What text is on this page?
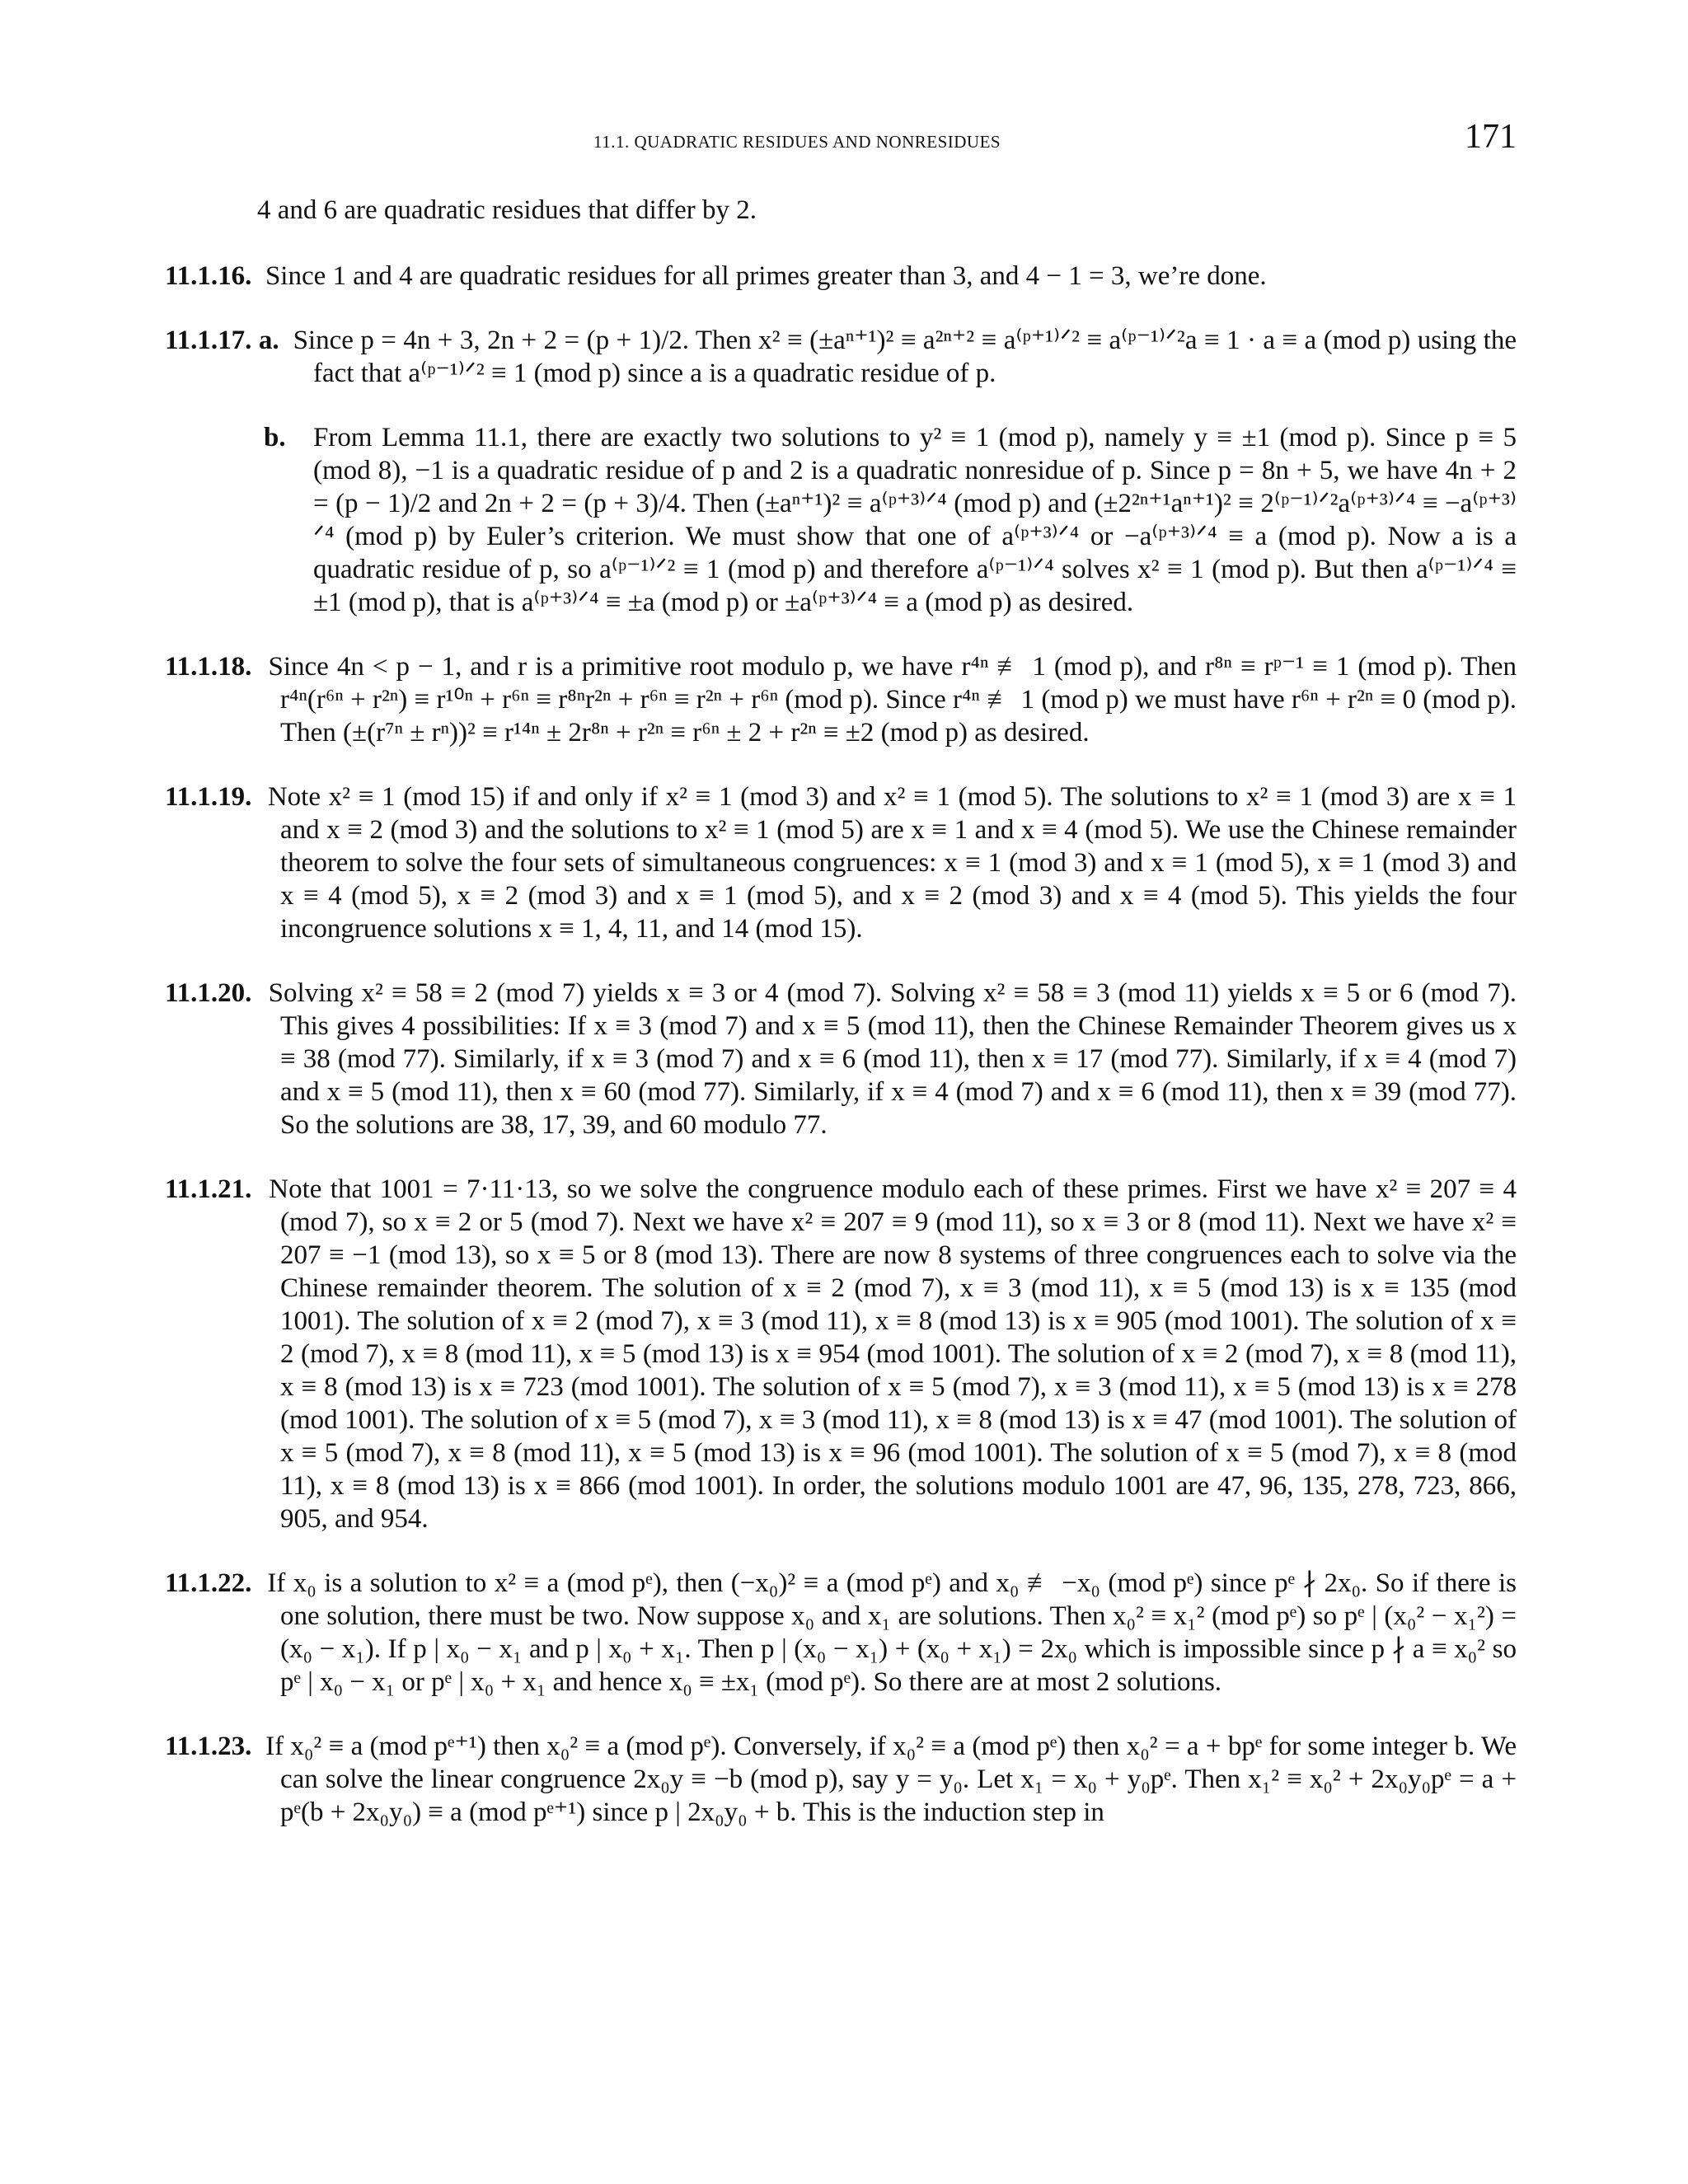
11.1. QUADRATIC RESIDUES AND NONRESIDUES	171
4 and 6 are quadratic residues that differ by 2.

11.1.16. Since 1 and 4 are quadratic residues for all primes greater than 3, and 4 − 1 = 3, we’re done.

11.1.17. a. Since p = 4n + 3, 2n + 2 = (p + 1)/2. Then x² ≡ (±aⁿ⁺¹)² ≡ a²ⁿ⁺² ≡ a⁽ᵖ⁺¹⁾ᐟ² ≡ a⁽ᵖ⁻¹⁾ᐟ²a ≡ 1 · a ≡ a (mod p) using the fact that a⁽ᵖ⁻¹⁾ᐟ² ≡ 1 (mod p) since a is a quadratic residue of p.

b. From Lemma 11.1, there are exactly two solutions to y² ≡ 1 (mod p), namely y ≡ ±1 (mod p). Since p ≡ 5 (mod 8), −1 is a quadratic residue of p and 2 is a quadratic nonresidue of p. Since p = 8n + 5, we have 4n + 2 = (p − 1)/2 and 2n + 2 = (p + 3)/4. Then (±aⁿ⁺¹)² ≡ a⁽ᵖ⁺³⁾ᐟ⁴ (mod p) and (±2²ⁿ⁺¹aⁿ⁺¹)² ≡ 2⁽ᵖ⁻¹⁾ᐟ²a⁽ᵖ⁺³⁾ᐟ⁴ ≡ −a⁽ᵖ⁺³⁾ᐟ⁴ (mod p) by Euler’s criterion. We must show that one of a⁽ᵖ⁺³⁾ᐟ⁴ or −a⁽ᵖ⁺³⁾ᐟ⁴ ≡ a (mod p). Now a is a quadratic residue of p, so a⁽ᵖ⁻¹⁾ᐟ² ≡ 1 (mod p) and therefore a⁽ᵖ⁻¹⁾ᐟ⁴ solves x² ≡ 1 (mod p). But then a⁽ᵖ⁻¹⁾ᐟ⁴ ≡ ±1 (mod p), that is a⁽ᵖ⁺³⁾ᐟ⁴ ≡ ±a (mod p) or ±a⁽ᵖ⁺³⁾ᐟ⁴ ≡ a (mod p) as desired.

11.1.18. Since 4n < p − 1, and r is a primitive root modulo p, we have r⁴ⁿ ≢ 1 (mod p), and r⁸ⁿ ≡ rᵖ⁻¹ ≡ 1 (mod p). Then r⁴ⁿ(r⁶ⁿ + r²ⁿ) ≡ r¹⁰ⁿ + r⁶ⁿ ≡ r⁸ⁿr²ⁿ + r⁶ⁿ ≡ r²ⁿ + r⁶ⁿ (mod p). Since r⁴ⁿ ≢ 1 (mod p) we must have r⁶ⁿ + r²ⁿ ≡ 0 (mod p). Then (±(r⁷ⁿ ± rⁿ))² ≡ r¹⁴ⁿ ± 2r⁸ⁿ + r²ⁿ ≡ r⁶ⁿ ± 2 + r²ⁿ ≡ ±2 (mod p) as desired.

11.1.19. Note x² ≡ 1 (mod 15) if and only if x² ≡ 1 (mod 3) and x² ≡ 1 (mod 5). The solutions to x² ≡ 1 (mod 3) are x ≡ 1 and x ≡ 2 (mod 3) and the solutions to x² ≡ 1 (mod 5) are x ≡ 1 and x ≡ 4 (mod 5). We use the Chinese remainder theorem to solve the four sets of simultaneous congruences: x ≡ 1 (mod 3) and x ≡ 1 (mod 5), x ≡ 1 (mod 3) and x ≡ 4 (mod 5), x ≡ 2 (mod 3) and x ≡ 1 (mod 5), and x ≡ 2 (mod 3) and x ≡ 4 (mod 5). This yields the four incongruence solutions x ≡ 1, 4, 11, and 14 (mod 15).

11.1.20. Solving x² ≡ 58 ≡ 2 (mod 7) yields x ≡ 3 or 4 (mod 7). Solving x² ≡ 58 ≡ 3 (mod 11) yields x ≡ 5 or 6 (mod 7). This gives 4 possibilities: If x ≡ 3 (mod 7) and x ≡ 5 (mod 11), then the Chinese Remainder Theorem gives us x ≡ 38 (mod 77). Similarly, if x ≡ 3 (mod 7) and x ≡ 6 (mod 11), then x ≡ 17 (mod 77). Similarly, if x ≡ 4 (mod 7) and x ≡ 5 (mod 11), then x ≡ 60 (mod 77). Similarly, if x ≡ 4 (mod 7) and x ≡ 6 (mod 11), then x ≡ 39 (mod 77). So the solutions are 38, 17, 39, and 60 modulo 77.

11.1.21. Note that 1001 = 7·11·13, so we solve the congruence modulo each of these primes. First we have x² ≡ 207 ≡ 4 (mod 7), so x ≡ 2 or 5 (mod 7). Next we have x² ≡ 207 ≡ 9 (mod 11), so x ≡ 3 or 8 (mod 11). Next we have x² ≡ 207 ≡ −1 (mod 13), so x ≡ 5 or 8 (mod 13). There are now 8 systems of three congruences each to solve via the Chinese remainder theorem. The solution of x ≡ 2 (mod 7), x ≡ 3 (mod 11), x ≡ 5 (mod 13) is x ≡ 135 (mod 1001). The solution of x ≡ 2 (mod 7), x ≡ 3 (mod 11), x ≡ 8 (mod 13) is x ≡ 905 (mod 1001). The solution of x ≡ 2 (mod 7), x ≡ 8 (mod 11), x ≡ 5 (mod 13) is x ≡ 954 (mod 1001). The solution of x ≡ 2 (mod 7), x ≡ 8 (mod 11), x ≡ 8 (mod 13) is x ≡ 723 (mod 1001). The solution of x ≡ 5 (mod 7), x ≡ 3 (mod 11), x ≡ 5 (mod 13) is x ≡ 278 (mod 1001). The solution of x ≡ 5 (mod 7), x ≡ 3 (mod 11), x ≡ 8 (mod 13) is x ≡ 47 (mod 1001). The solution of x ≡ 5 (mod 7), x ≡ 8 (mod 11), x ≡ 5 (mod 13) is x ≡ 96 (mod 1001). The solution of x ≡ 5 (mod 7), x ≡ 8 (mod 11), x ≡ 8 (mod 13) is x ≡ 866 (mod 1001). In order, the solutions modulo 1001 are 47, 96, 135, 278, 723, 866, 905, and 954.

11.1.22. If x₀ is a solution to x² ≡ a (mod pᵉ), then (−x₀)² ≡ a (mod pᵉ) and x₀ ≢ −x₀ (mod pᵉ) since pᵉ ∤ 2x₀. So if there is one solution, there must be two. Now suppose x₀ and x₁ are solutions. Then x₀² ≡ x₁² (mod pᵉ) so pᵉ | (x₀² − x₁²) = (x₀ − x₁). If p | x₀ − x₁ and p | x₀ + x₁. Then p | (x₀ − x₁) + (x₀ + x₁) = 2x₀ which is impossible since p ∤ a ≡ x₀² so pᵉ | x₀ − x₁ or pᵉ | x₀ + x₁ and hence x₀ ≡ ±x₁ (mod pᵉ). So there are at most 2 solutions.

11.1.23. If x₀² ≡ a (mod pᵉ⁺¹) then x₀² ≡ a (mod pᵉ). Conversely, if x₀² ≡ a (mod pᵉ) then x₀² = a + bpᵉ for some integer b. We can solve the linear congruence 2x₀y ≡ −b (mod p), say y = y₀. Let x₁ = x₀ + y₀pᵉ. Then x₁² ≡ x₀² + 2x₀y₀pᵉ = a + pᵉ(b + 2x₀y₀) ≡ a (mod pᵉ⁺¹) since p | 2x₀y₀ + b. This is the induction step in
